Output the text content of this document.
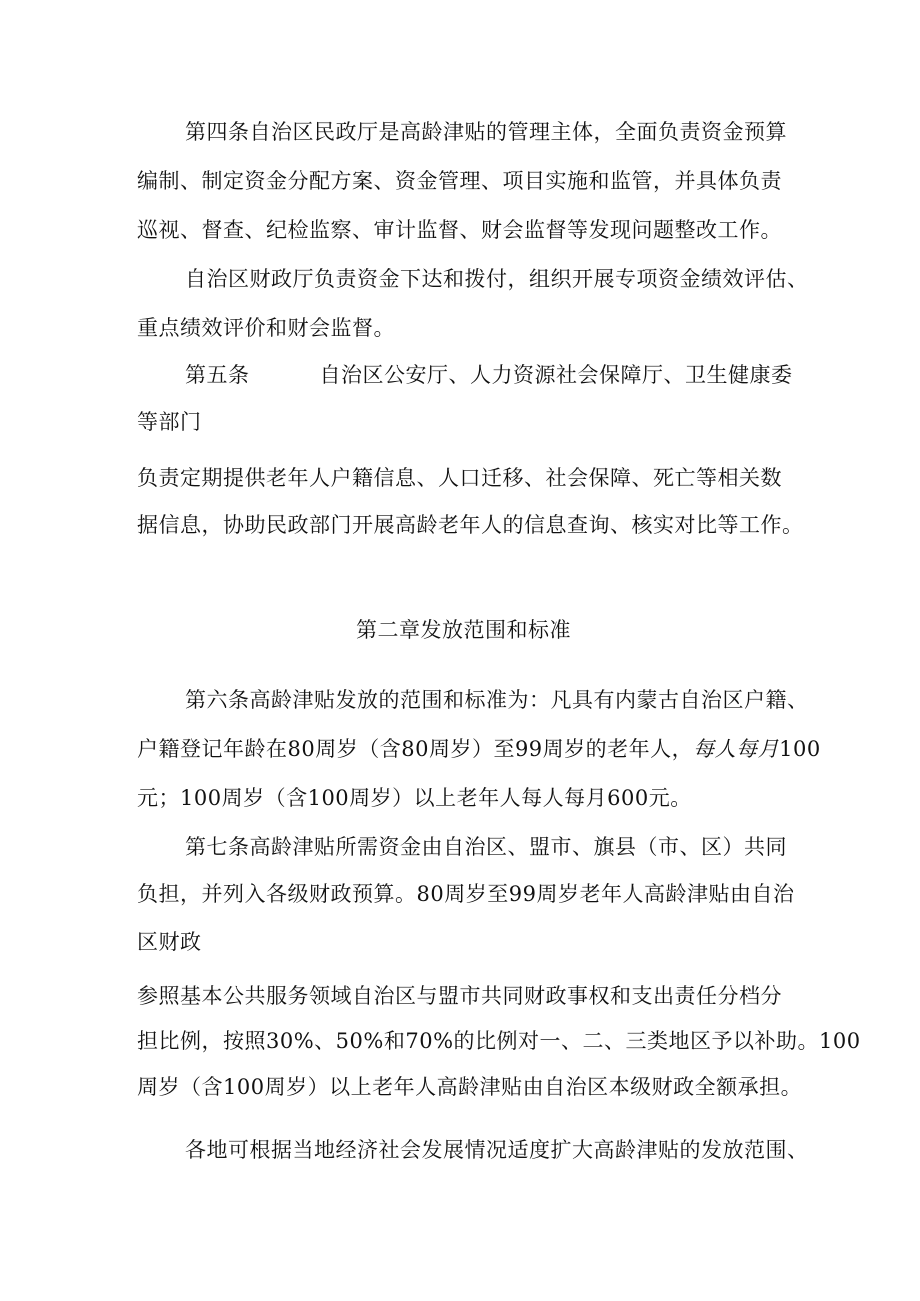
第四条自治区民政厅是高龄津贴的管理主体，全面负责资金预算
编制、制定资金分配方案、资金管理、项目实施和监管，并具体负责
巡视、督查、纪检监察、审计监督、财会监督等发现问题整改工作。
自治区财政厅负责资金下达和拨付，组织开展专项资金绩效评估、
重点绩效评价和财会监督。
第五条	自治区公安厅、人力资源社会保障厅、卫生健康委
等部门
负责定期提供老年人户籍信息、人口迁移、社会保障、死亡等相关数
据信息，协助民政部门开展高龄老年人的信息查询、核实对比等工作。
第二章发放范围和标准
第六条高龄津贴发放的范围和标准为：凡具有内蒙古自治区户籍、
户籍登记年龄在80周岁（含80周岁）至99周岁的老年人，每人每月100
元；100周岁（含100周岁）以上老年人每人每月600元。
第七条高龄津贴所需资金由自治区、盟市、旗县（市、区）共同
负担，并列入各级财政预算。80周岁至99周岁老年人高龄津贴由自治
区财政
参照基本公共服务领域自治区与盟市共同财政事权和支出责任分档分
担比例，按照30%、50%和70%的比例对一、二、三类地区予以补助。100
周岁（含100周岁）以上老年人高龄津贴由自治区本级财政全额承担。
各地可根据当地经济社会发展情况适度扩大高龄津贴的发放范围、
